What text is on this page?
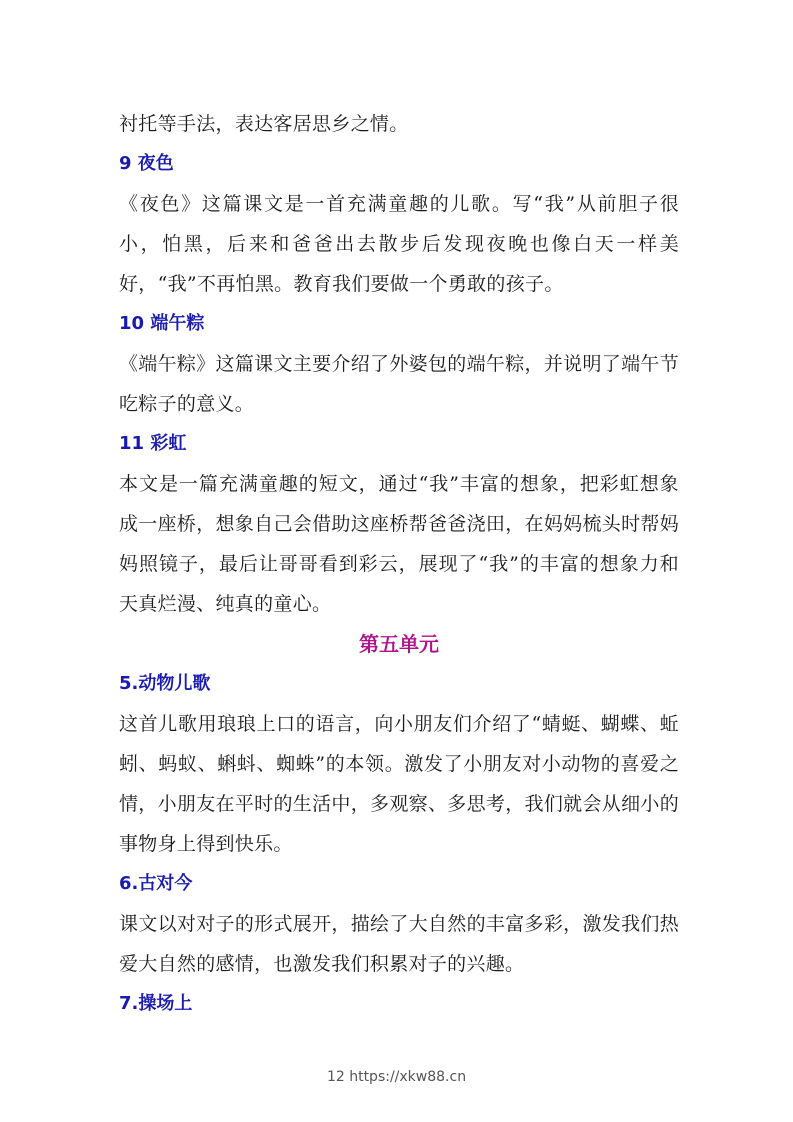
衬托等手法，表达客居思乡之情。

9 夜色

《夜色》这篇课文是一首充满童趣的儿歌。写“我”从前胆子很小，怕黑，后来和爸爸出去散步后发现夜晚也像白天一样美好，“我”不再怕黑。教育我们要做一个勇敢的孩子。

10 端午粽

《端午粽》这篇课文主要介绍了外婆包的端午粽，并说明了端午节吃粽子的意义。

11 彩虹

本文是一篇充满童趣的短文，通过“我”丰富的想象，把彩虹想象成一座桥，想象自己会借助这座桥帮爸爸浇田，在妈妈梳头时帮妈妈照镜子，最后让哥哥看到彩云，展现了“我”的丰富的想象力和天真烂漫、纯真的童心。

第五单元
5.动物儿歌

这首儿歌用琅琅上口的语言，向小朋友们介绍了“蜻蜓、蝴蝶、蚯蚓、蚂蚁、蝌蚪、蜘蛛”的本领。激发了小朋友对小动物的喜爱之情，小朋友在平时的生活中，多观察、多思考，我们就会从细小的事物身上得到快乐。

6.古对今

课文以对对子的形式展开，描绘了大自然的丰富多彩，激发我们热爱大自然的感情，也激发我们积累对子的兴趣。

7.操场上
12 https://xkw88.cn
